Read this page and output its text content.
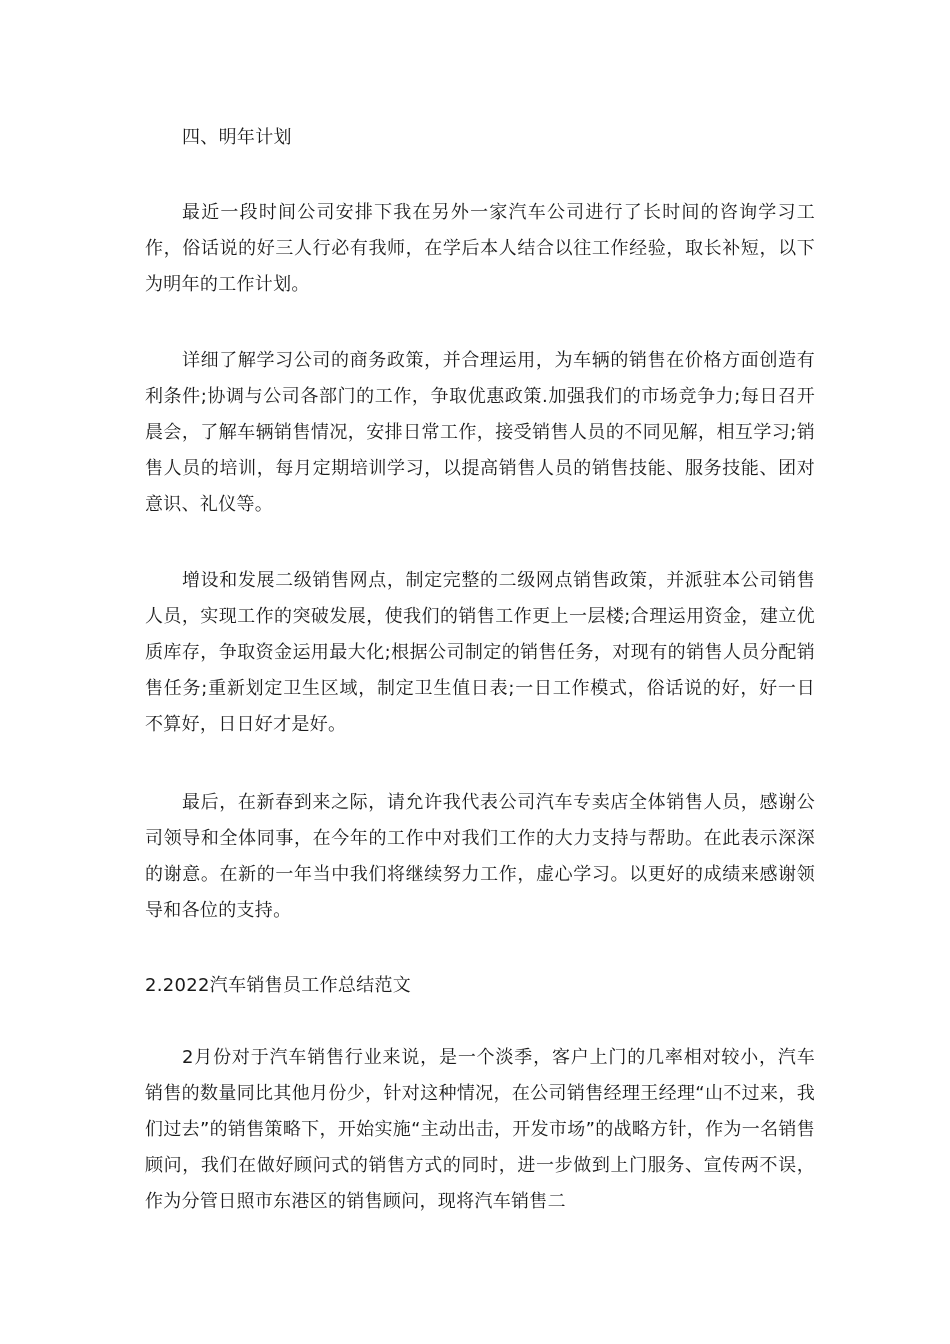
四、明年计划

最近一段时间公司安排下我在另外一家汽车公司进行了长时间的咨询学习工作，俗话说的好三人行必有我师，在学后本人结合以往工作经验，取长补短，以下为明年的工作计划。

详细了解学习公司的商务政策，并合理运用，为车辆的销售在价格方面创造有利条件;协调与公司各部门的工作，争取优惠政策.加强我们的市场竞争力;每日召开晨会，了解车辆销售情况，安排日常工作，接受销售人员的不同见解，相互学习;销售人员的培训，每月定期培训学习，以提高销售人员的销售技能、服务技能、团对意识、礼仪等。

增设和发展二级销售网点，制定完整的二级网点销售政策，并派驻本公司销售人员，实现工作的突破发展，使我们的销售工作更上一层楼;合理运用资金，建立优质库存，争取资金运用最大化;根据公司制定的销售任务，对现有的销售人员分配销售任务;重新划定卫生区域，制定卫生值日表;一日工作模式，俗话说的好，好一日不算好，日日好才是好。

最后，在新春到来之际，请允许我代表公司汽车专卖店全体销售人员，感谢公司领导和全体同事，在今年的工作中对我们工作的大力支持与帮助。在此表示深深的谢意。在新的一年当中我们将继续努力工作，虚心学习。以更好的成绩来感谢领导和各位的支持。

2.2022汽车销售员工作总结范文

2月份对于汽车销售行业来说，是一个淡季，客户上门的几率相对较小，汽车销售的数量同比其他月份少，针对这种情况，在公司销售经理王经理“山不过来，我们过去”的销售策略下，开始实施“主动出击，开发市场”的战略方针，作为一名销售顾问，我们在做好顾问式的销售方式的同时，进一步做到上门服务、宣传两不误，作为分管日照市东港区的销售顾问，现将汽车销售二
